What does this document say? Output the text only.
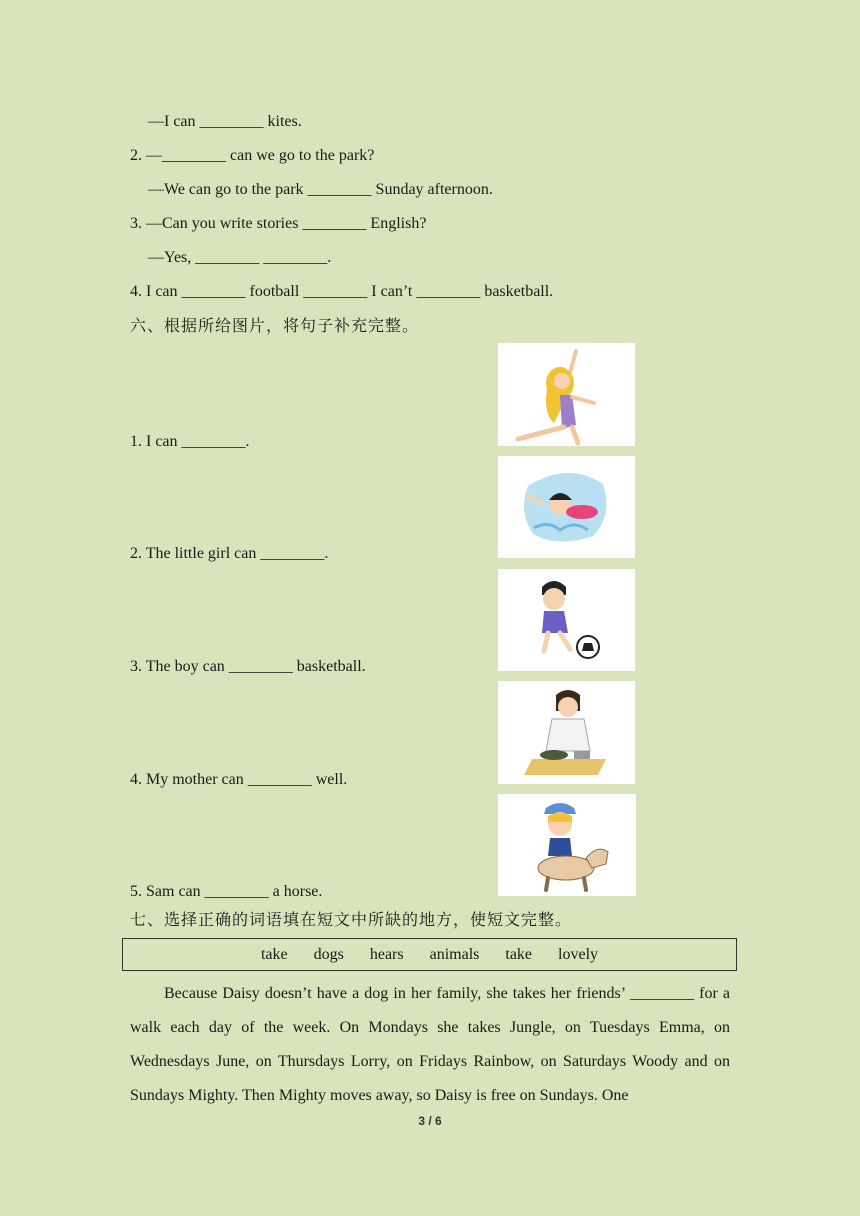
—I can ________ kites.
2. —________ can we go to the park?
—We can go to the park ________ Sunday afternoon.
3. —Can you write stories ________ English?
—Yes, ________ ________.
4. I can ________ football ________ I can’t ________ basketball.
六、根据所给图片，将句子补充完整。
1. I can ________.
2. The little girl can ________.
3. The boy can ________ basketball.
4. My mother can ________ well.
5. Sam can ________ a horse.
七、选择正确的词语填在短文中所缺的地方，使短文完整。
take dogs hears animals take lovely

Because Daisy doesn’t have a dog in her family, she takes her friends’ ________ for a walk each day of the week. On Mondays she takes Jungle, on Tuesdays Emma, on Wednesdays June, on Thursdays Lorry, on Fridays Rainbow, on Saturdays Woody and on Sundays Mighty. Then Mighty moves away, so Daisy is free on Sundays. One

3 / 6
